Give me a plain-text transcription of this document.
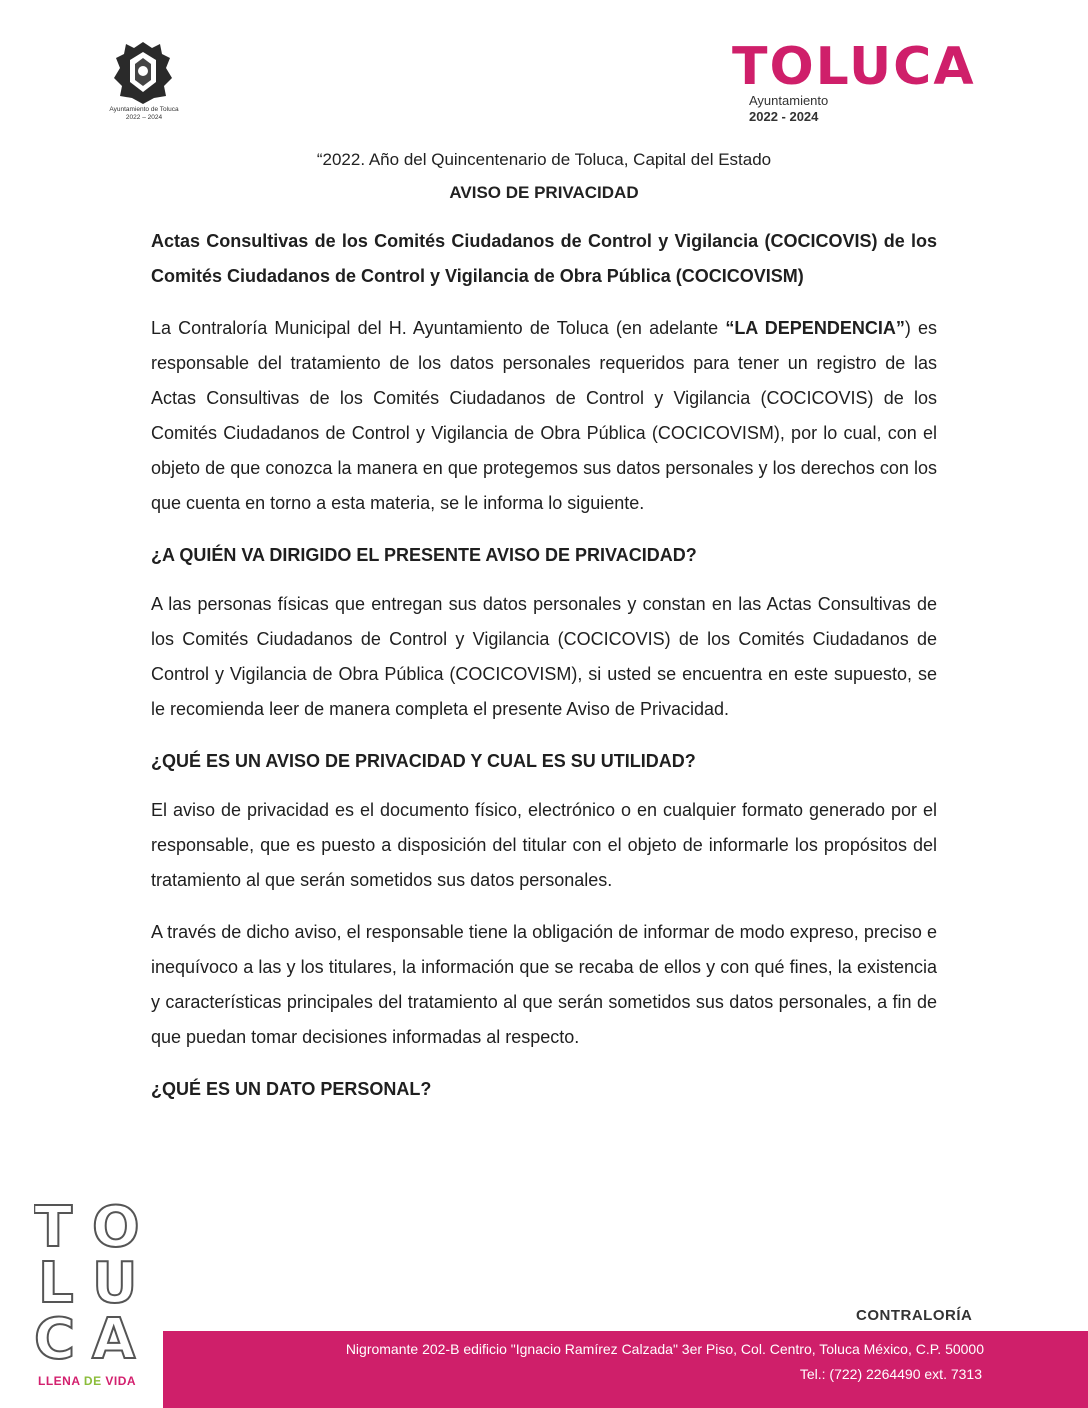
Ayuntamiento de Toluca
2022 – 2024
TOLUCA
Ayuntamiento
2022 - 2024
“2022. Año del Quincentenario de Toluca, Capital del Estado
AVISO DE PRIVACIDAD

Actas Consultivas de los Comités Ciudadanos de Control y Vigilancia (COCICOVIS) de los Comités Ciudadanos de Control y Vigilancia de Obra Pública (COCICOVISM)

La Contraloría Municipal del H. Ayuntamiento de Toluca (en adelante “LA DEPENDENCIA”) es responsable del tratamiento de los datos personales requeridos para tener un registro de las Actas Consultivas de los Comités Ciudadanos de Control y Vigilancia (COCICOVIS) de los Comités Ciudadanos de Control y Vigilancia de Obra Pública (COCICOVISM), por lo cual, con el objeto de que conozca la manera en que protegemos sus datos personales y los derechos con los que cuenta en torno a esta materia, se le informa lo siguiente.

¿A QUIÉN VA DIRIGIDO EL PRESENTE AVISO DE PRIVACIDAD?

A las personas físicas que entregan sus datos personales y constan en las Actas Consultivas de los Comités Ciudadanos de Control y Vigilancia (COCICOVIS) de los Comités Ciudadanos de Control y Vigilancia de Obra Pública (COCICOVISM), si usted se encuentra en este supuesto, se le recomienda leer de manera completa el presente Aviso de Privacidad.

¿QUÉ ES UN AVISO DE PRIVACIDAD Y CUAL ES SU UTILIDAD?

El aviso de privacidad es el documento físico, electrónico o en cualquier formato generado por el responsable, que es puesto a disposición del titular con el objeto de informarle los propósitos del tratamiento al que serán sometidos sus datos personales.

A través de dicho aviso, el responsable tiene la obligación de informar de modo expreso, preciso e inequívoco a las y los titulares, la información que se recaba de ellos y con qué fines, la existencia y características principales del tratamiento al que serán sometidos sus datos personales, a fin de que puedan tomar decisiones informadas al respecto.

¿QUÉ ES UN DATO PERSONAL?

T O
L U
C A
LLENA DE VIDA
CONTRALORÍA
Nigromante 202-B edificio "Ignacio Ramírez Calzada" 3er Piso, Col. Centro, Toluca México, C.P. 50000
Tel.: (722) 2264490 ext. 7313
